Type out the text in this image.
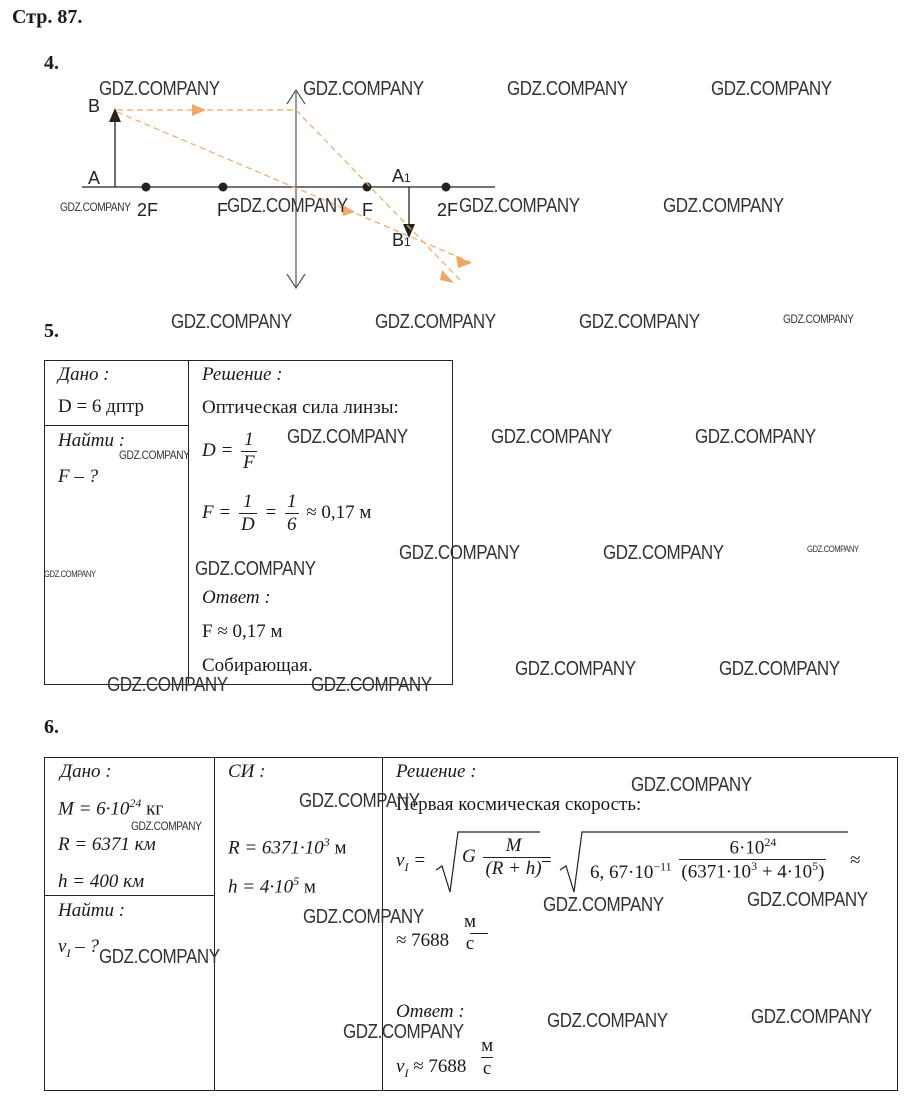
Стр. 87.
4.
B
A
2F	F	F
A1
2F
B1
5.
Дано :
D = 6 дптр
Найти :
F – ?
Решение :
Оптическая сила линзы:
$D = \frac{1}{F}$
$F = \frac{1}{D} = \frac{1}{6} \approx 0,17$ м
Ответ :
F ≈ 0,17 м
Собирающая.
6.
Дано :
$M = 6\cdot 10^{24}$ кг
R = 6371 км
h = 400 км
Найти :
$v_I$ – ?
СИ :
$R = 6371\cdot 10^3$ м
$h = 4\cdot 10^5$ м
Решение :
Первая космическая скорость:
$v_I = G \frac{M}{(R + h)}$
=
6, $67\cdot 10^{-11} \frac{6\cdot 10^{24}}{(6371\cdot 10^3 + 4\cdot 10^5)}$ ≈
≈ 7688
м
с
Ответ :
$v_I \approx 7688 \frac{м}{с}$
GDZ.COMPANY	GDZ.COMPANY	GDZ.COMPANY	GDZ.COMPANY
GDZ.COMPANY	GDZ.COMPANY	GDZ.COMPANY	GDZ.COMPANY
GDZ.COMPANY	GDZ.COMPANY	GDZ.COMPANY	GDZ.COMPANY
GDZ.COMPANY	GDZ.COMPANY	GDZ.COMPANY
GDZ.COMPANY
GDZ.COMPANY	GDZ.COMPANY	GDZ.COMPANY
GDZ.COMPANY	GDZ.COMPANY
GDZ.COMPANY	GDZ.COMPANY
GDZ.COMPANY	GDZ.COMPANY
GDZ.COMPANY
GDZ.COMPANY
GDZ.COMPANY
GDZ.COMPANY	GDZ.COMPANY
GDZ.COMPANY
GDZ.COMPANY
GDZ.COMPANY	GDZ.COMPANY
GDZ.COMPANY
